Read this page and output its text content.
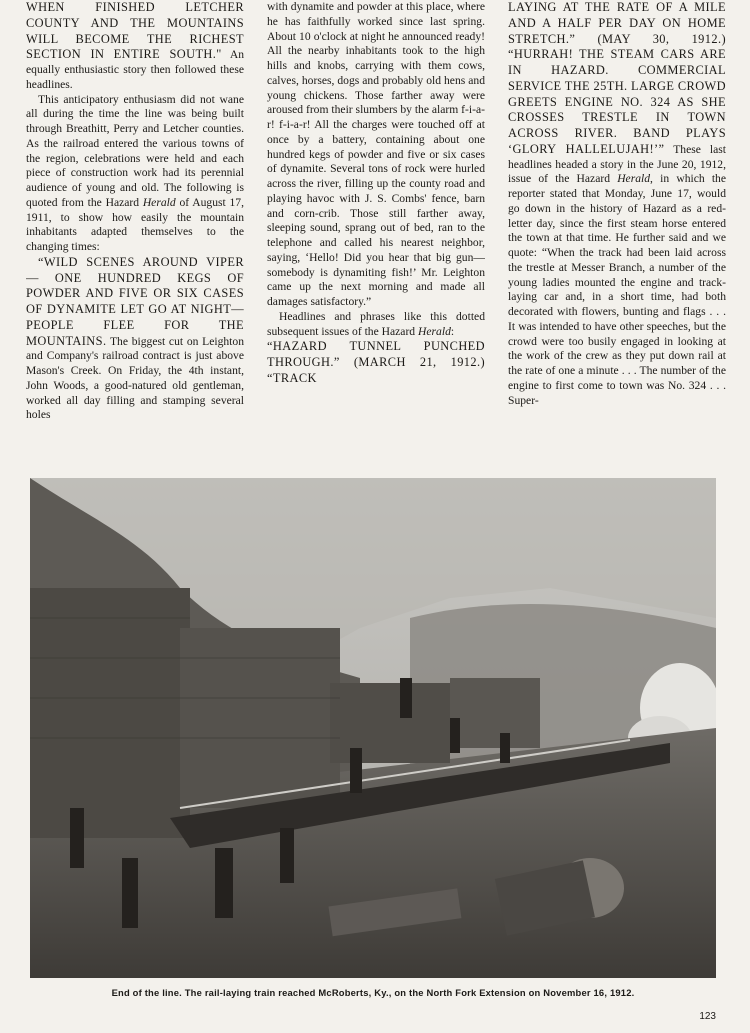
WHEN FINISHED LETCHER COUNTY AND THE MOUNTAINS WILL BECOME THE RICHEST SECTION IN ENTIRE SOUTH." An equally enthusiastic story then followed these headlines.

This anticipatory enthusiasm did not wane all during the time the line was being built through Breathitt, Perry and Letcher counties. As the railroad entered the various towns of the region, celebrations were held and each piece of construction work had its perennial audience of young and old. The following is quoted from the Hazard Herald of August 17, 1911, to show how easily the mountain inhabitants adapted themselves to the changing times:

“WILD SCENES AROUND VIPER — ONE HUNDRED KEGS OF POWDER AND FIVE OR SIX CASES OF DYNAMITE LET GO AT NIGHT—PEOPLE FLEE FOR THE MOUNTAINS. The biggest cut on Leighton and Company's railroad contract is just above Mason's Creek. On Friday, the 4th instant, John Woods, a good-natured old gentleman, worked all day filling and stamping several holes

with dynamite and powder at this place, where he has faithfully worked since last spring. About 10 o'clock at night he announced ready! All the nearby inhabitants took to the high hills and knobs, carrying with them cows, calves, horses, dogs and probably old hens and young chickens. Those farther away were aroused from their slumbers by the alarm f-i-a-r! f-i-a-r! All the charges were touched off at once by a battery, containing about one hundred kegs of powder and five or six cases of dynamite. Several tons of rock were hurled across the river, filling up the county road and playing havoc with J. S. Combs' fence, barn and corn-crib. Those still farther away, sleeping sound, sprang out of bed, ran to the telephone and called his nearest neighbor, saying, ‘Hello! Did you hear that big gun—somebody is dynamiting fish!’ Mr. Leighton came up the next morning and made all damages satisfactory.”

Headlines and phrases like this dotted subsequent issues of the Hazard Herald:

“HAZARD TUNNEL PUNCHED THROUGH.” (MARCH 21, 1912.) “TRACK

LAYING AT THE RATE OF A MILE AND A HALF PER DAY ON HOME STRETCH.” (MAY 30, 1912.) “HURRAH! THE STEAM CARS ARE IN HAZARD. COMMERCIAL SERVICE THE 25TH. LARGE CROWD GREETS ENGINE NO. 324 AS SHE CROSSES TRESTLE IN TOWN ACROSS RIVER. BAND PLAYS ‘GLORY HALLELUJAH!’” These last headlines headed a story in the June 20, 1912, issue of the Hazard Herald, in which the reporter stated that Monday, June 17, would go down in the history of Hazard as a red-letter day, since the first steam horse entered the town at that time. He further said and we quote: “When the track had been laid across the trestle at Messer Branch, a number of the young ladies mounted the engine and track-laying car and, in a short time, had both decorated with flowers, bunting and flags . . . It was intended to have other speeches, but the crowd were too busily engaged in looking at the work of the crew as they put down rail at the rate of one a minute . . . The number of the engine to first come to town was No. 324 . . . Super-

End of the line. The rail-laying train reached McRoberts, Ky., on the North Fork Extension on November 16, 1912.
123
